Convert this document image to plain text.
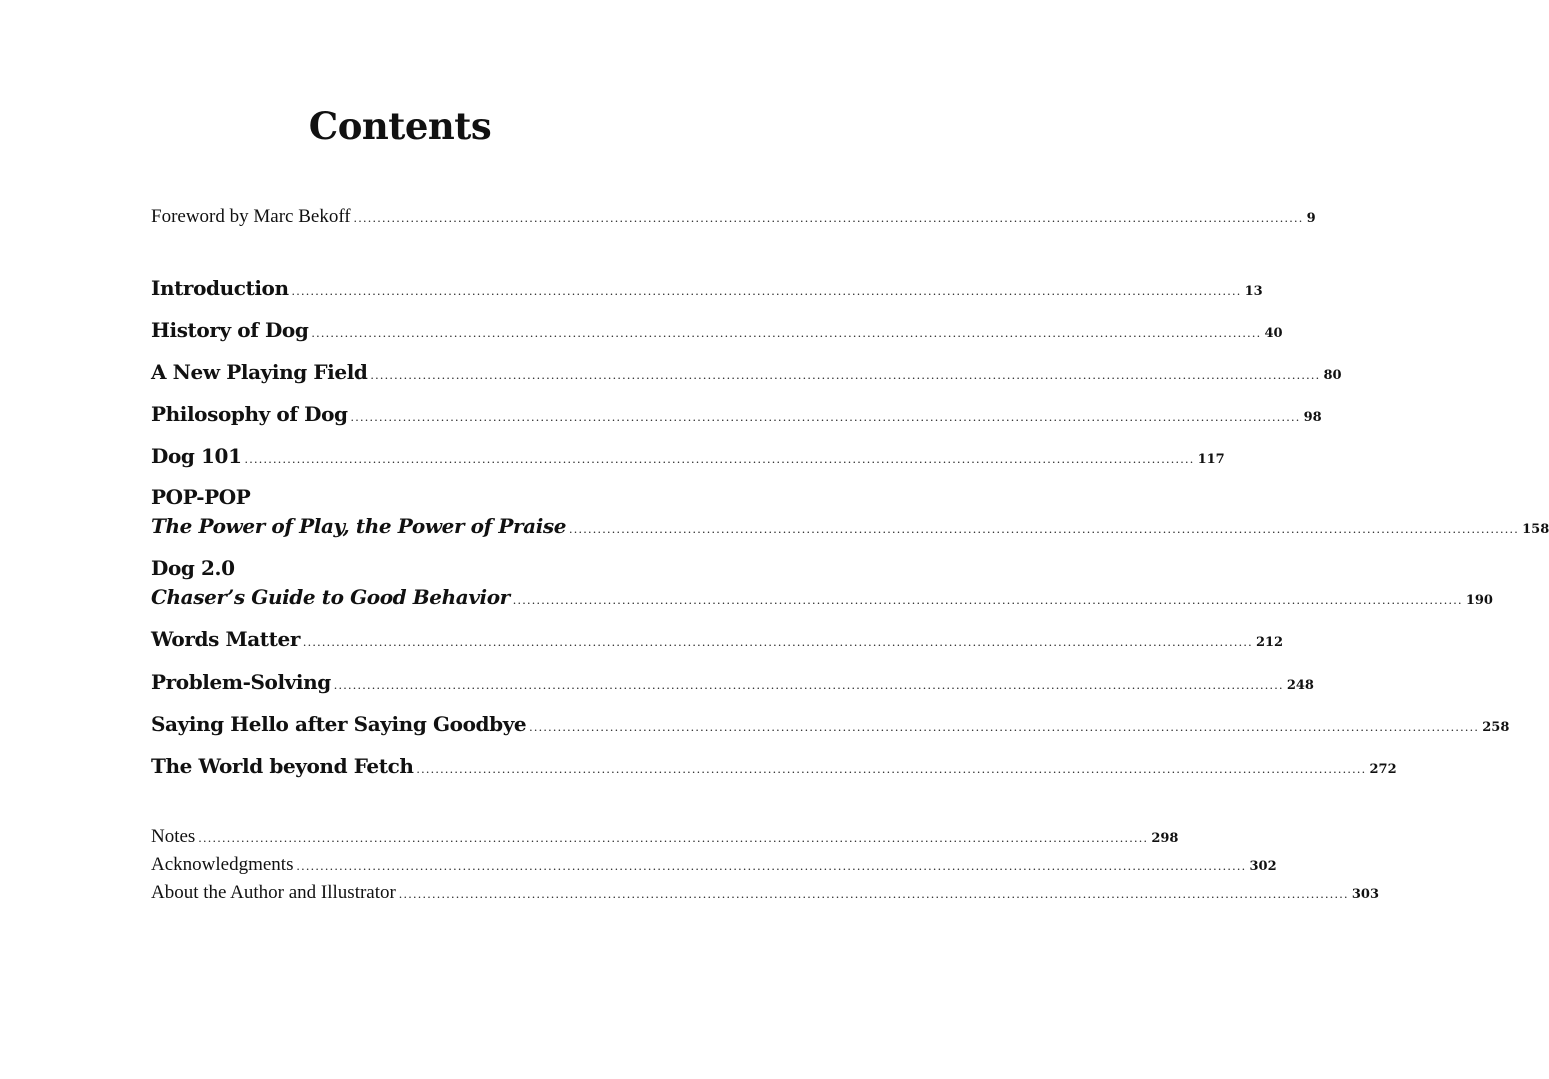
Contents
Foreword by Marc Bekoff ........................................................................................................................................................................................................ 9
Introduction ........................................................................................................................................................................................................ 13
History of Dog ........................................................................................................................................................................................................ 40
A New Playing Field ........................................................................................................................................................................................................ 80
Philosophy of Dog ........................................................................................................................................................................................................ 98
Dog 101 ........................................................................................................................................................................................................ 117
POP-POP
The Power of Play, the Power of Praise ........................................................................................................................................................................................................ 158
Dog 2.0
Chaser’s Guide to Good Behavior ........................................................................................................................................................................................................ 190
Words Matter ........................................................................................................................................................................................................ 212
Problem-Solving ........................................................................................................................................................................................................ 248
Saying Hello after Saying Goodbye ........................................................................................................................................................................................................ 258
The World beyond Fetch ........................................................................................................................................................................................................ 272
Notes ........................................................................................................................................................................................................ 298
Acknowledgments ........................................................................................................................................................................................................ 302
About the Author and Illustrator ........................................................................................................................................................................................................ 303
